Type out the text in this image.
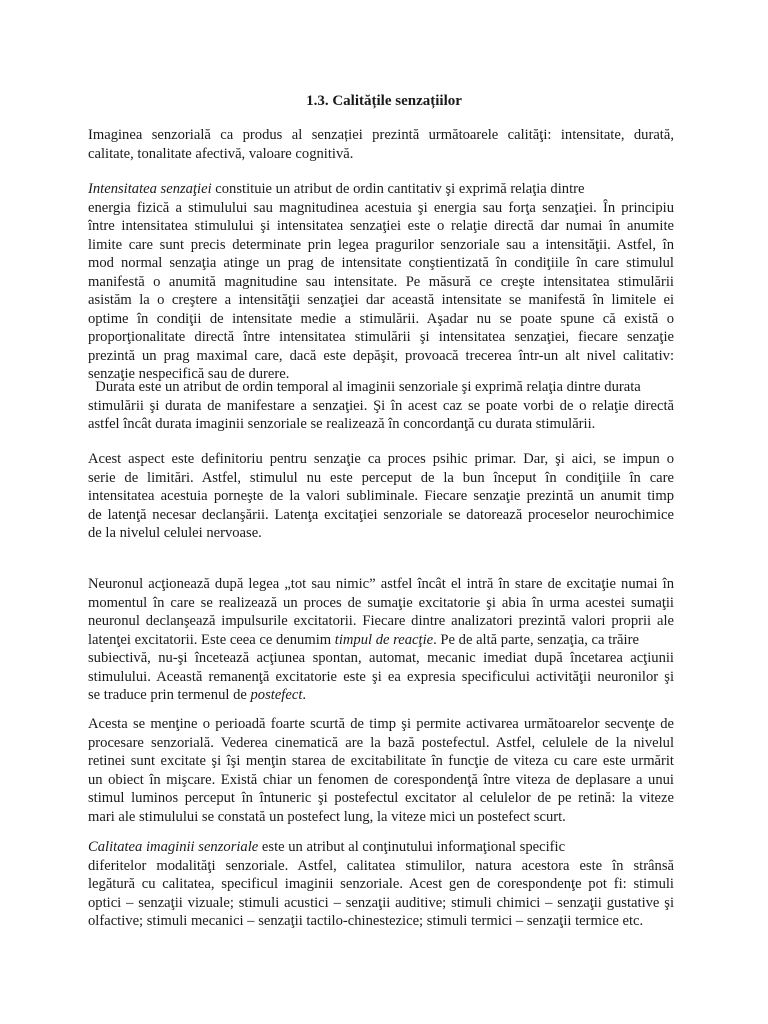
1.3. Calitățile senzațiilor
Imaginea senzorială ca produs al senzației prezintă următoarele calităţi: intensitate, durată,
calitate, tonalitate afectivă, valoare cognitivă.
Intensitatea senzaţiei constituie un atribut de ordin cantitativ şi exprimă relaţia dintre
energia fizică a stimulului sau magnitudinea acestuia şi energia sau forţa senzaţiei. În principiu
între intensitatea stimulului şi intensitatea senzaţiei este o relaţie directă dar numai în anumite
limite care sunt precis determinate prin legea pragurilor senzoriale sau a intensităţii. Astfel, în
mod normal senzaţia atinge un prag de intensitate conştientizată în condiţiile în care stimulul
manifestă o anumită magnitudine sau intensitate. Pe măsură ce creşte intensitatea stimulării
asistăm la o creştere a intensităţii senzaţiei dar această intensitate se manifestă în limitele ei
optime în condiţii de intensitate medie a stimulării. Aşadar nu se poate spune că există o
proporţionalitate directă între intensitatea stimulării şi intensitatea senzaţiei, fiecare senzaţie
prezintă un prag maximal care, dacă este depăşit, provoacă trecerea într-un alt nivel calitativ:
senzaţie nespecifică sau de durere.
Durata este un atribut de ordin temporal al imaginii senzoriale şi exprimă relaţia dintre durata
stimulării şi durata de manifestare a senzaţiei. Şi în acest caz se poate vorbi de o relaţie directă
astfel încât durata imaginii senzoriale se realizează în concordanţă cu durata stimulării.
Acest aspect este definitoriu pentru senzaţie ca proces psihic primar. Dar, şi aici, se impun o
serie de limitări. Astfel, stimulul nu este perceput de la bun început în condiţiile în care
intensitatea acestuia porneşte de la valori subliminale. Fiecare senzaţie prezintă un anumit timp
de latenţă necesar declanşării. Latenţa excitaţiei senzoriale se datorează proceselor neurochimice
de la nivelul celulei nervoase.
Neuronul acţionează după legea „tot sau nimic” astfel încât el intră în stare de excitaţie numai în
momentul în care se realizează un proces de sumaţie excitatorie şi abia în urma acestei sumaţii
neuronul declanşează impulsurile excitatorii. Fiecare dintre analizatori prezintă valori proprii ale
latenţei excitatorii. Este ceea ce denumim timpul de reacţie. Pe de altă parte, senzaţia, ca trăire
subiectivă, nu-şi încetează acţiunea spontan, automat, mecanic imediat după încetarea acţiunii
stimulului. Această remanenţă excitatorie este şi ea expresia specificului activităţii neuronilor şi
se traduce prin termenul de postefect.
Acesta se menţine o perioadă foarte scurtă de timp şi permite activarea următoarelor secvenţe de
procesare senzorială. Vederea cinematică are la bază postefectul. Astfel, celulele de la nivelul
retinei sunt excitate şi îşi menţin starea de excitabilitate în funcţie de viteza cu care este urmărit
un obiect în mişcare. Există chiar un fenomen de corespondenţă între viteza de deplasare a unui
stimul luminos perceput în întuneric şi postefectul excitator al celulelor de pe retină: la viteze
mari ale stimulului se constată un postefect lung, la viteze mici un postefect scurt.
Calitatea imaginii senzoriale este un atribut al conţinutului informaţional specific
diferitelor modalităţi senzoriale. Astfel, calitatea stimulilor, natura acestora este în strânsă
legătură cu calitatea, specificul imaginii senzoriale. Acest gen de corespondenţe pot fi: stimuli
optici – senzaţii vizuale; stimuli acustici – senzaţii auditive; stimuli chimici – senzaţii gustative şi
olfactive; stimuli mecanici – senzaţii tactilo-chinestezice; stimuli termici – senzaţii termice etc.
